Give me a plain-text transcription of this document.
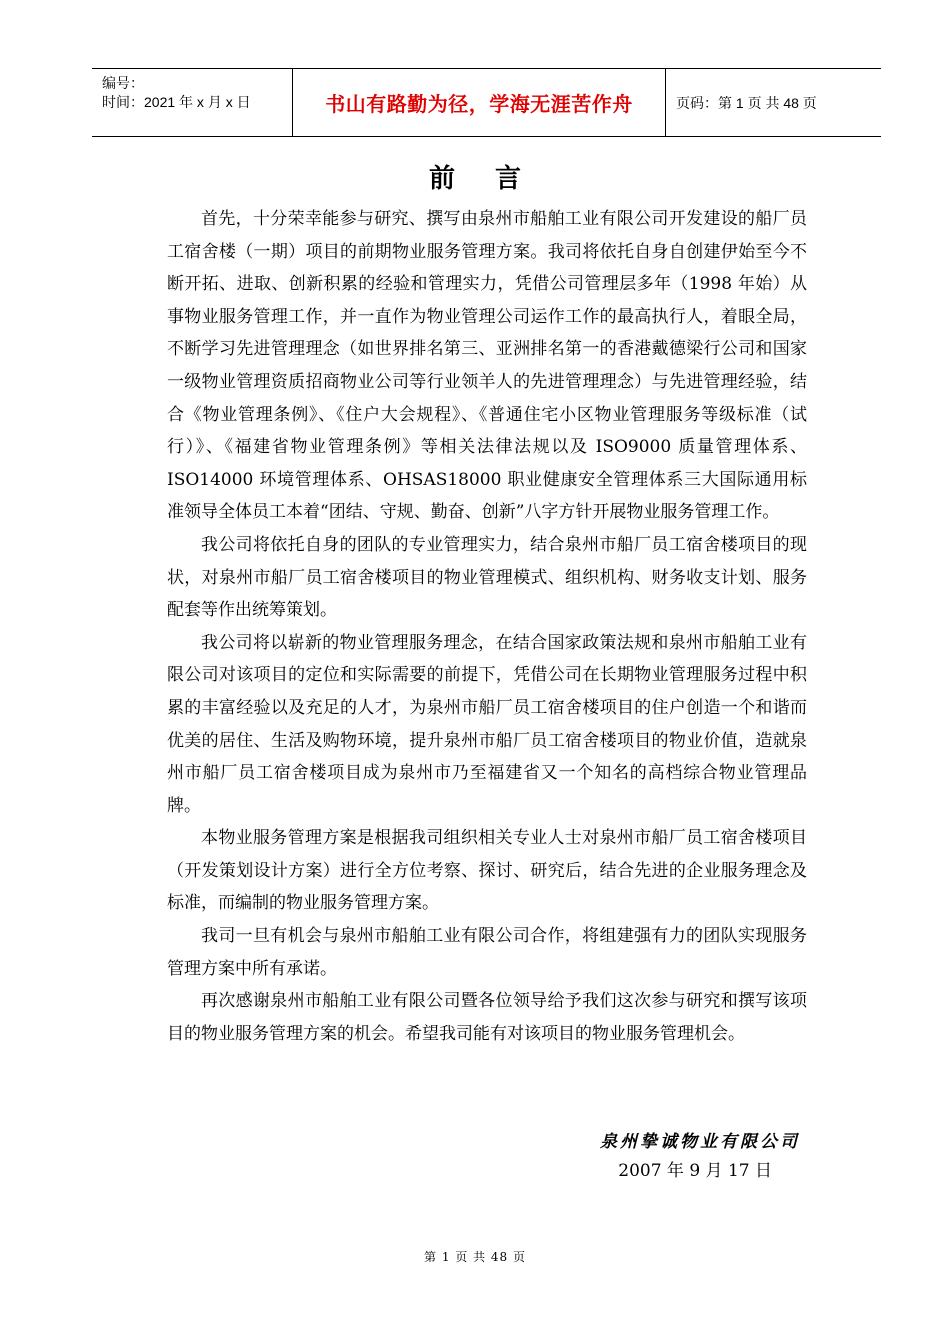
编号：
时间：2021 年 x 月 x 日	书山有路勤为径，学海无涯苦作舟	页码：第 1 页 共 48 页
前言

首先，十分荣幸能参与研究、撰写由泉州市船舶工业有限公司开发建设的船厂员工宿舍楼（一期）项目的前期物业服务管理方案。我司将依托自身自创建伊始至今不断开拓、进取、创新积累的经验和管理实力，凭借公司管理层多年（1998 年始）从事物业服务管理工作，并一直作为物业管理公司运作工作的最高执行人，着眼全局，不断学习先进管理理念（如世界排名第三、亚洲排名第一的香港戴德梁行公司和国家一级物业管理资质招商物业公司等行业领羊人的先进管理理念）与先进管理经验，结合《物业管理条例》、《住户大会规程》、《普通住宅小区物业管理服务等级标准（试行）》、《福建省物业管理条例》等相关法律法规以及 ISO9000 质量管理体系、ISO14000 环境管理体系、OHSAS18000 职业健康安全管理体系三大国际通用标准领导全体员工本着“团结、守规、勤奋、创新”八字方针开展物业服务管理工作。

我公司将依托自身的团队的专业管理实力，结合泉州市船厂员工宿舍楼项目的现状，对泉州市船厂员工宿舍楼项目的物业管理模式、组织机构、财务收支计划、服务配套等作出统筹策划。

我公司将以崭新的物业管理服务理念，在结合国家政策法规和泉州市船舶工业有限公司对该项目的定位和实际需要的前提下，凭借公司在长期物业管理服务过程中积累的丰富经验以及充足的人才，为泉州市船厂员工宿舍楼项目的住户创造一个和谐而优美的居住、生活及购物环境，提升泉州市船厂员工宿舍楼项目的物业价值，造就泉州市船厂员工宿舍楼项目成为泉州市乃至福建省又一个知名的高档综合物业管理品牌。

本物业服务管理方案是根据我司组织相关专业人士对泉州市船厂员工宿舍楼项目（开发策划设计方案）进行全方位考察、探讨、研究后，结合先进的企业服务理念及标准，而编制的物业服务管理方案。

我司一旦有机会与泉州市船舶工业有限公司合作，将组建强有力的团队实现服务管理方案中所有承诺。

再次感谢泉州市船舶工业有限公司暨各位领导给予我们这次参与研究和撰写该项目的物业服务管理方案的机会。希望我司能有对该项目的物业服务管理机会。

泉州挚诚物业有限公司
2007 年 9 月 17 日
第 1 页 共 48 页
